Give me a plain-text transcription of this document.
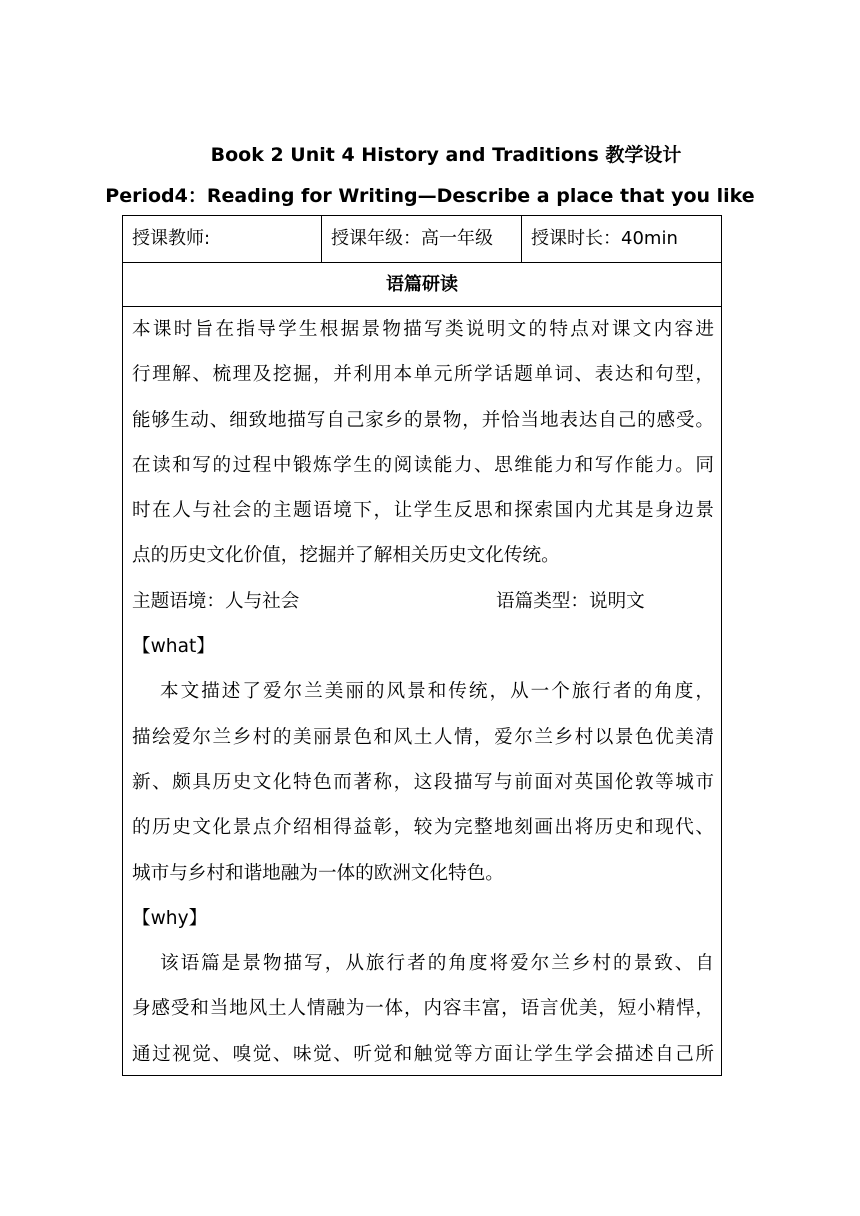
Book 2 Unit 4 History and Traditions 教学设计
Period4：Reading for Writing—Describe a place that you like
授课教师:	授课年级：高一年级	授课时长：40min
语篇研读
本课时旨在指导学生根据景物描写类说明文的特点对课文内容进
行理解、梳理及挖掘，并利用本单元所学话题单词、表达和句型，
能够生动、细致地描写自己家乡的景物，并恰当地表达自己的感受。
在读和写的过程中锻炼学生的阅读能力、思维能力和写作能力。同
时在人与社会的主题语境下，让学生反思和探索国内尤其是身边景
点的历史文化价值，挖掘并了解相关历史文化传统。
主题语境：人与社会	语篇类型：说明文
【what】
本文描述了爱尔兰美丽的风景和传统，从一个旅行者的角度，
描绘爱尔兰乡村的美丽景色和风土人情，爱尔兰乡村以景色优美清
新、颇具历史文化特色而著称，这段描写与前面对英国伦敦等城市
的历史文化景点介绍相得益彰，较为完整地刻画出将历史和现代、
城市与乡村和谐地融为一体的欧洲文化特色。
【why】
该语篇是景物描写，从旅行者的角度将爱尔兰乡村的景致、自
身感受和当地风土人情融为一体，内容丰富，语言优美，短小精悍，
通过视觉、嗅觉、味觉、听觉和触觉等方面让学生学会描述自己所
